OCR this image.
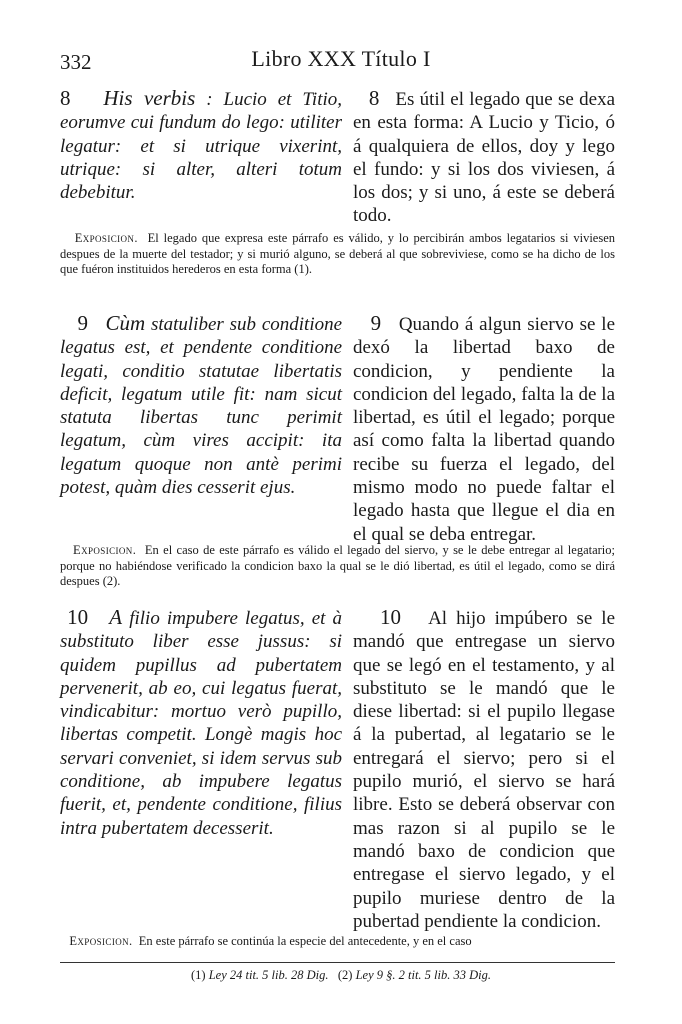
332	Libro XXX Título I
8 His verbis : Lucio et Titio, eorumve cui fundum do lego: utiliter legatur: et si utrique vixerint, utrique: si alter, alteri totum debebitur.
8 Es útil el legado que se dexa en esta forma: A Lucio y Ticio, ó á qualquiera de ellos, doy y lego el fundo: y si los dos viviesen, á los dos; y si uno, á este se deberá todo.
Exposicion. El legado que expresa este párrafo es válido, y lo percibirán ambos legatarios si viviesen despues de la muerte del testador; y si murió alguno, se deberá al que sobreviviese, como se ha dicho de los que fuéron instituidos herederos en esta forma (1).
9 Cùm statuliber sub conditione legatus est, et pendente conditione legati, conditio statutae libertatis deficit, legatum utile fit: nam sicut statuta libertas tunc perimit legatum, cùm vires accipit: ita legatum quoque non antè perimi potest, quàm dies cesserit ejus.
9 Quando á algun siervo se le dexó la libertad baxo de condicion, y pendiente la condicion del legado, falta la de la libertad, es útil el legado; porque así como falta la libertad quando recibe su fuerza el legado, del mismo modo no puede faltar el legado hasta que llegue el dia en el qual se deba entregar.
Exposicion. En el caso de este párrafo es válido el legado del siervo, y se le debe entregar al legatario; porque no habiéndose verificado la condicion baxo la qual se le dió libertad, es útil el legado, como se dirá despues (2).
10 A filio impubere legatus, et à substituto liber esse jussus: si quidem pupillus ad pubertatem pervenerit, ab eo, cui legatus fuerat, vindicabitur: mortuo verò pupillo, libertas competit. Longè magis hoc servari conveniet, si idem servus sub conditione, ab impubere legatus fuerit, et, pendente conditione, filius intra pubertatem decesserit.
10 Al hijo impúbero se le mandó que entregase un siervo que se legó en el testamento, y al substituto se le mandó que le diese libertad: si el pupilo llegase á la pubertad, al legatario se le entregará el siervo; pero si el pupilo murió, el siervo se hará libre. Esto se deberá observar con mas razon si al pupilo se le mandó baxo de condicion que entregase el siervo legado, y el pupilo muriese dentro de la pubertad pendiente la condicion.
Exposicion. En este párrafo se continúa la especie del antecedente, y en el caso
(1) Ley 24 tit. 5 lib. 28 Dig. (2) Ley 9 §. 2 tit. 5 lib. 33 Dig.
